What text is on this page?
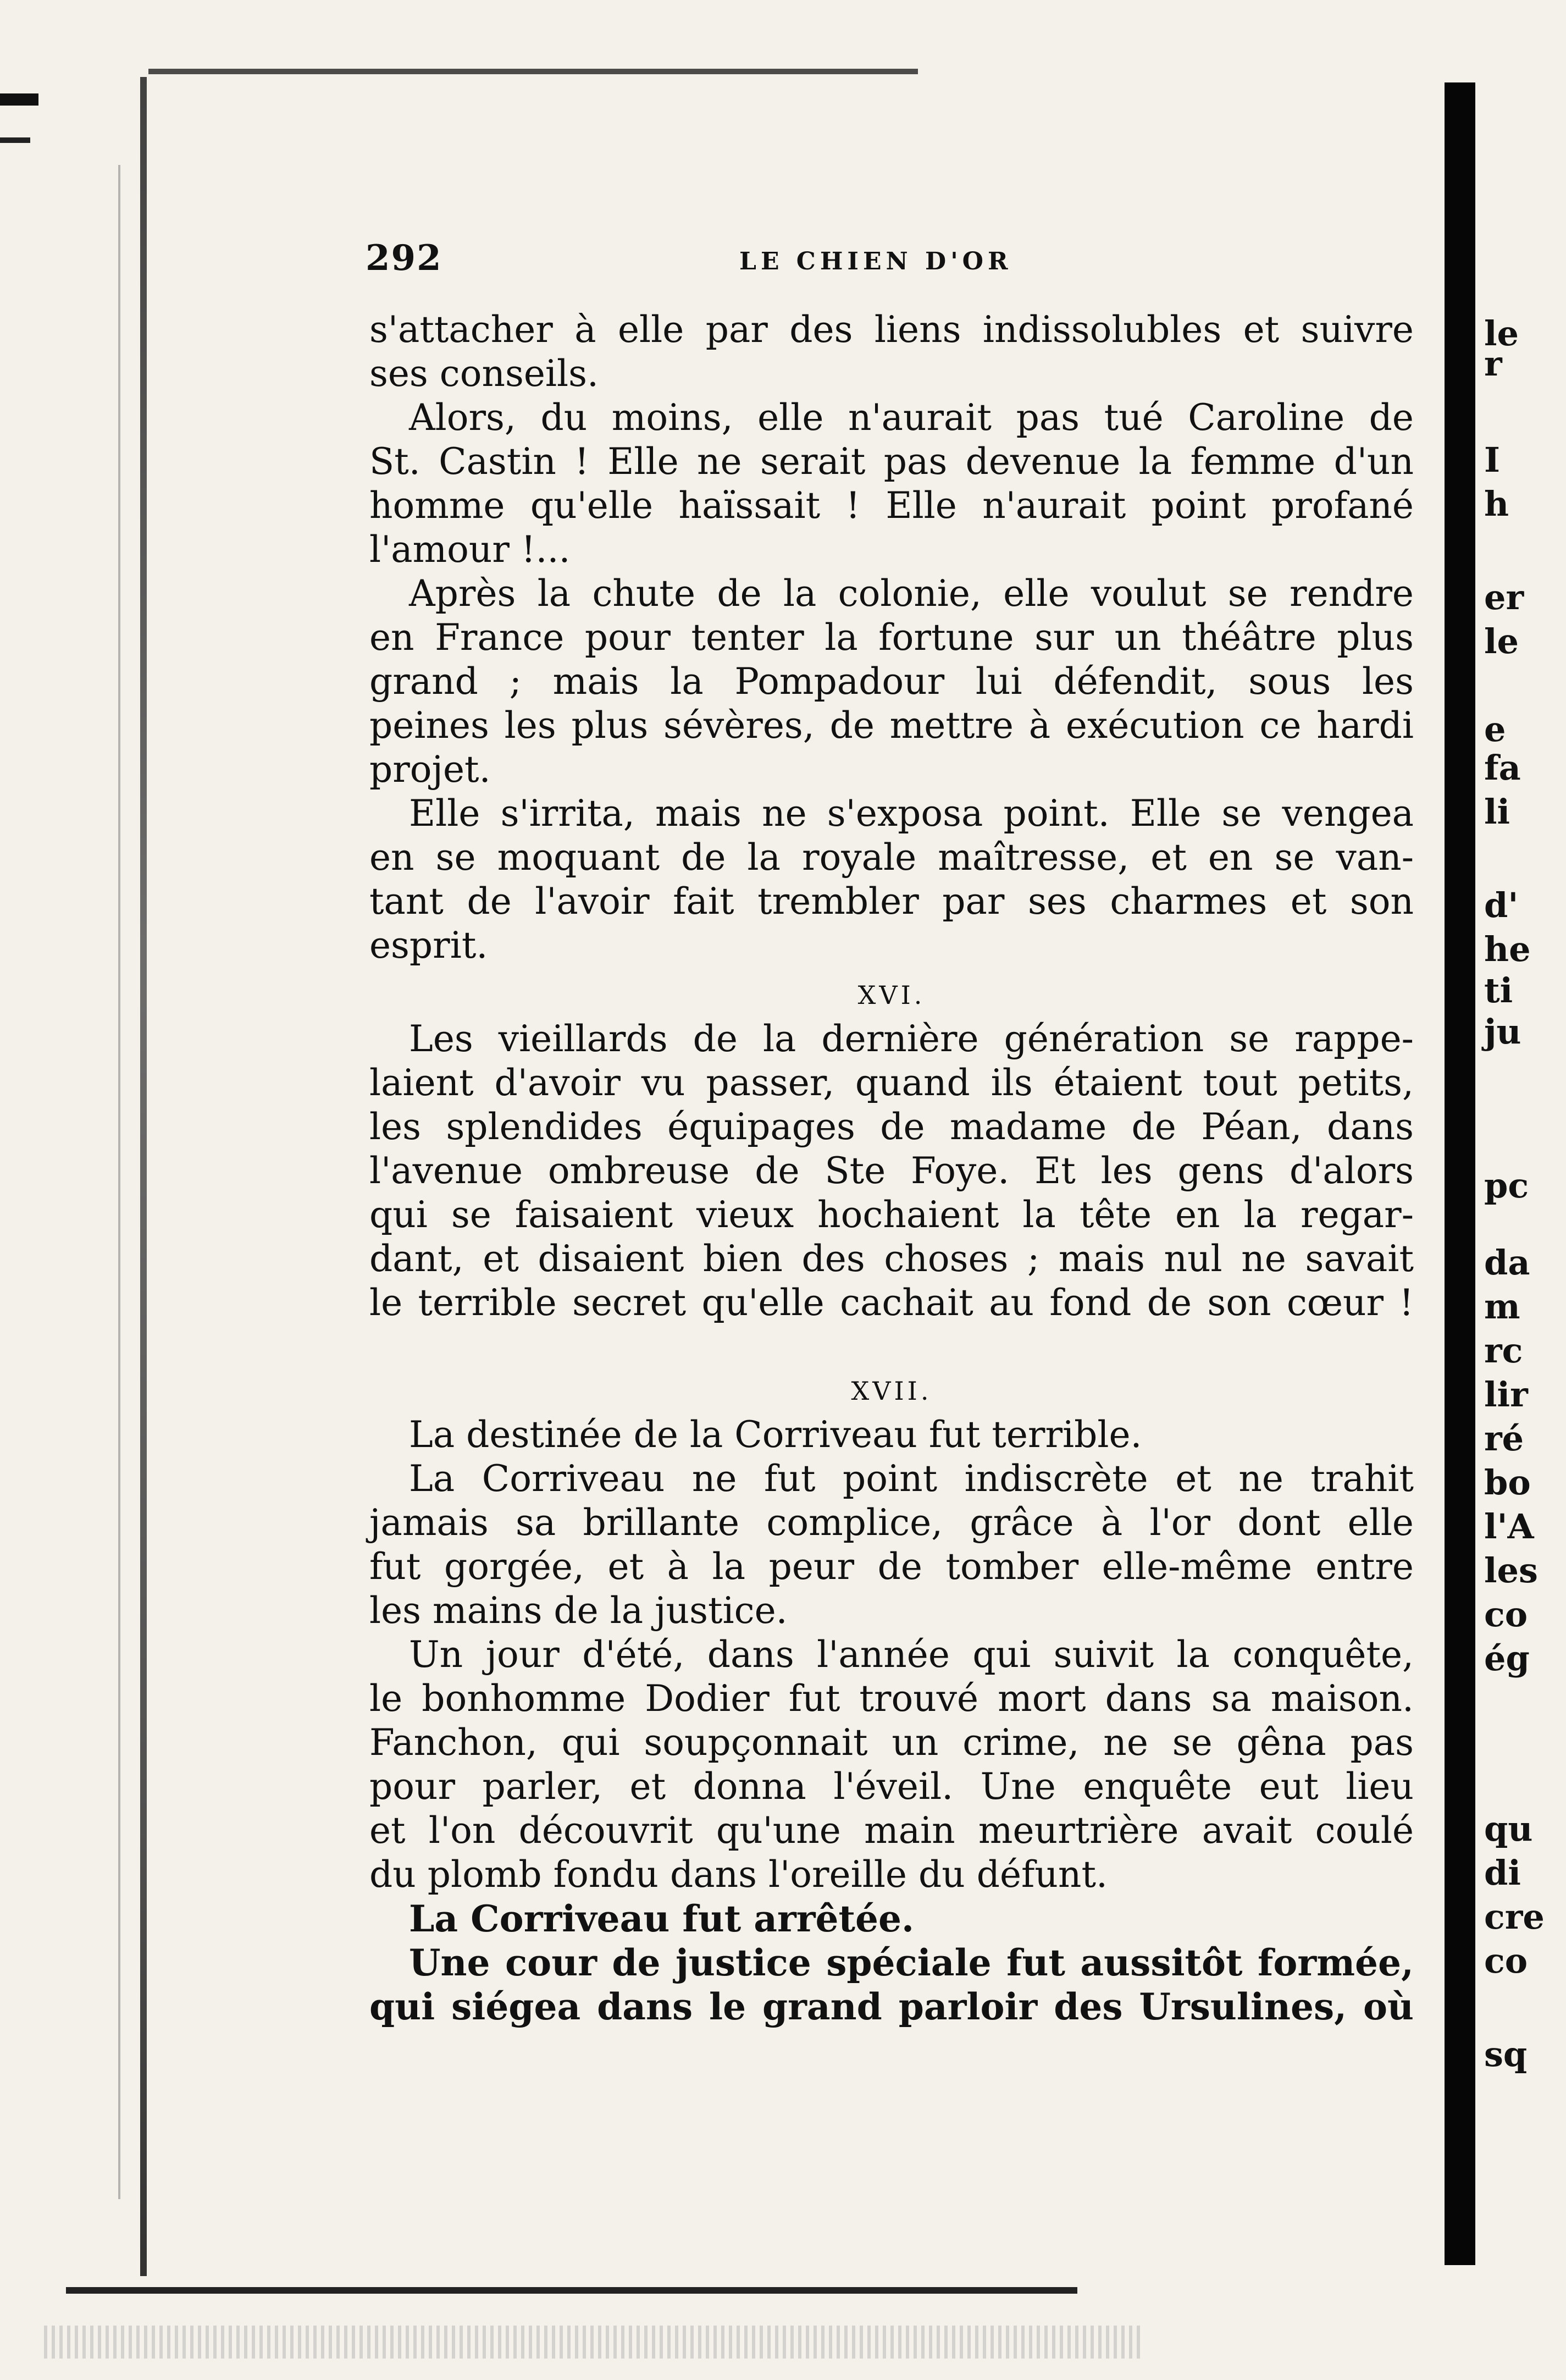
292	LE CHIEN D'OR
s'attacher à elle par des liens indissolubles et suivre
ses conseils.
Alors, du moins, elle n'aurait pas tué Caroline de
St. Castin ! Elle ne serait pas devenue la femme d'un
homme qu'elle haïssait ! Elle n'aurait point profané
l'amour !...
Après la chute de la colonie, elle voulut se rendre
en France pour tenter la fortune sur un théâtre plus
grand ; mais la Pompadour lui défendit, sous les
peines les plus sévères, de mettre à exécution ce hardi
projet.
Elle s'irrita, mais ne s'exposa point. Elle se vengea
en se moquant de la royale maîtresse, et en se van-
tant de l'avoir fait trembler par ses charmes et son
esprit.
XVI.
Les vieillards de la dernière génération se rappe-
laient d'avoir vu passer, quand ils étaient tout petits,
les splendides équipages de madame de Péan, dans
l'avenue ombreuse de Ste Foye. Et les gens d'alors
qui se faisaient vieux hochaient la tête en la regar-
dant, et disaient bien des choses ; mais nul ne savait
le terrible secret qu'elle cachait au fond de son cœur !
XVII.
La destinée de la Corriveau fut terrible.
La Corriveau ne fut point indiscrète et ne trahit
jamais sa brillante complice, grâce à l'or dont elle
fut gorgée, et à la peur de tomber elle-même entre
les mains de la justice.
Un jour d'été, dans l'année qui suivit la conquête,
le bonhomme Dodier fut trouvé mort dans sa maison.
Fanchon, qui soupçonnait un crime, ne se gêna pas
pour parler, et donna l'éveil. Une enquête eut lieu
et l'on découvrit qu'une main meurtrière avait coulé
du plomb fondu dans l'oreille du défunt.
La Corriveau fut arrêtée.
Une cour de justice spéciale fut aussitôt formée,
qui siégea dans le grand parloir des Ursulines, où
le
r
I
h
er
le
e
fa
li
d'
he
ti
ju
pc
da
m
rc
lir
ré
bo
l'A
les
co
ég
qu
di
cre
co
sq
